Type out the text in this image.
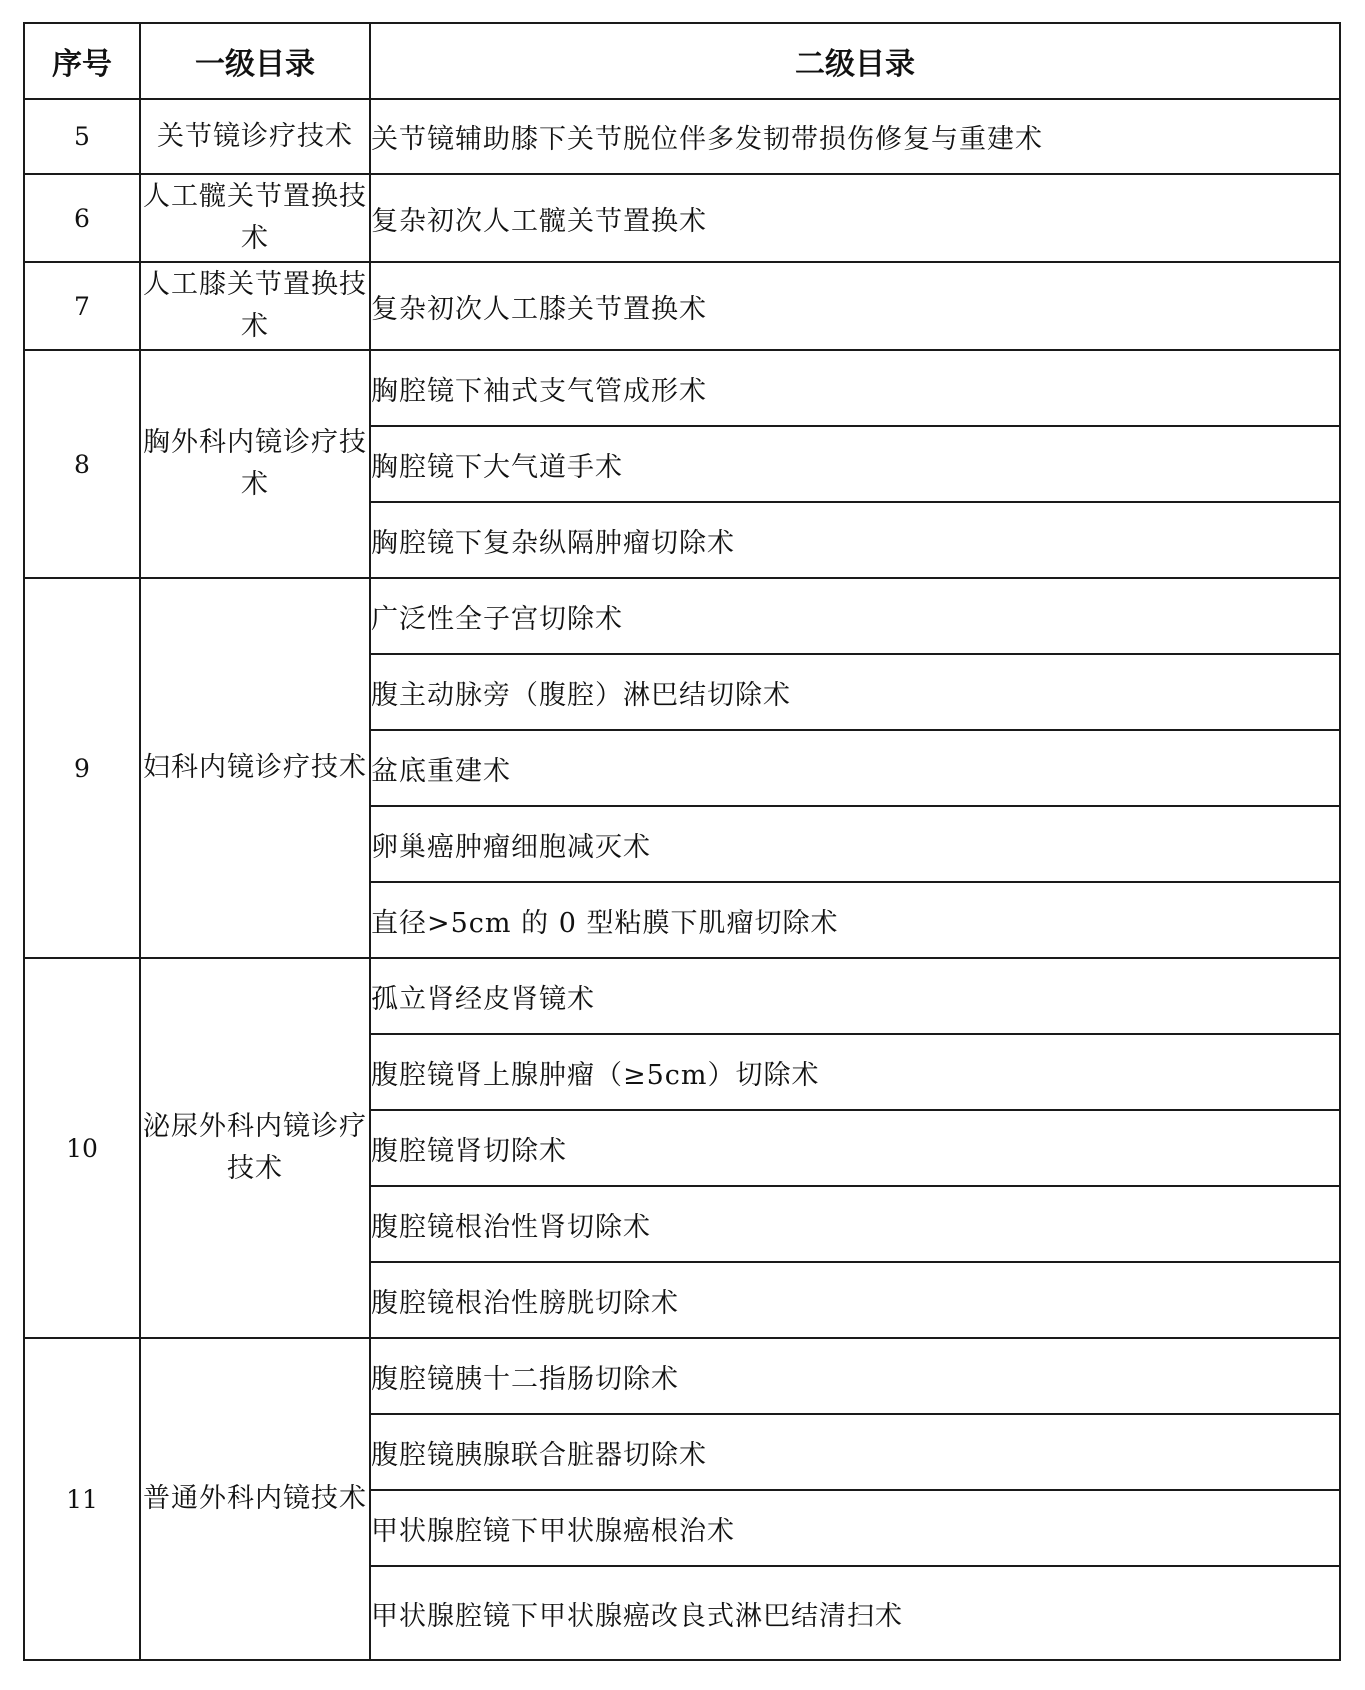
序号	一级目录	二级目录
5	关节镜诊疗技术	关节镜辅助膝下关节脱位伴多发韧带损伤修复与重建术
6	人工髋关节置换技术	复杂初次人工髋关节置换术
7	人工膝关节置换技术	复杂初次人工膝关节置换术
8	胸外科内镜诊疗技术	胸腔镜下袖式支气管成形术
		胸腔镜下大气道手术
		胸腔镜下复杂纵隔肿瘤切除术
9	妇科内镜诊疗技术	广泛性全子宫切除术
		腹主动脉旁（腹腔）淋巴结切除术
		盆底重建术
		卵巢癌肿瘤细胞减灭术
		直径>5cm 的 0 型粘膜下肌瘤切除术
10	泌尿外科内镜诊疗技术	孤立肾经皮肾镜术
		腹腔镜肾上腺肿瘤（≥5cm）切除术
		腹腔镜肾切除术
		腹腔镜根治性肾切除术
		腹腔镜根治性膀胱切除术
11	普通外科内镜技术	腹腔镜胰十二指肠切除术
		腹腔镜胰腺联合脏器切除术
		甲状腺腔镜下甲状腺癌根治术
		甲状腺腔镜下甲状腺癌改良式淋巴结清扫术
